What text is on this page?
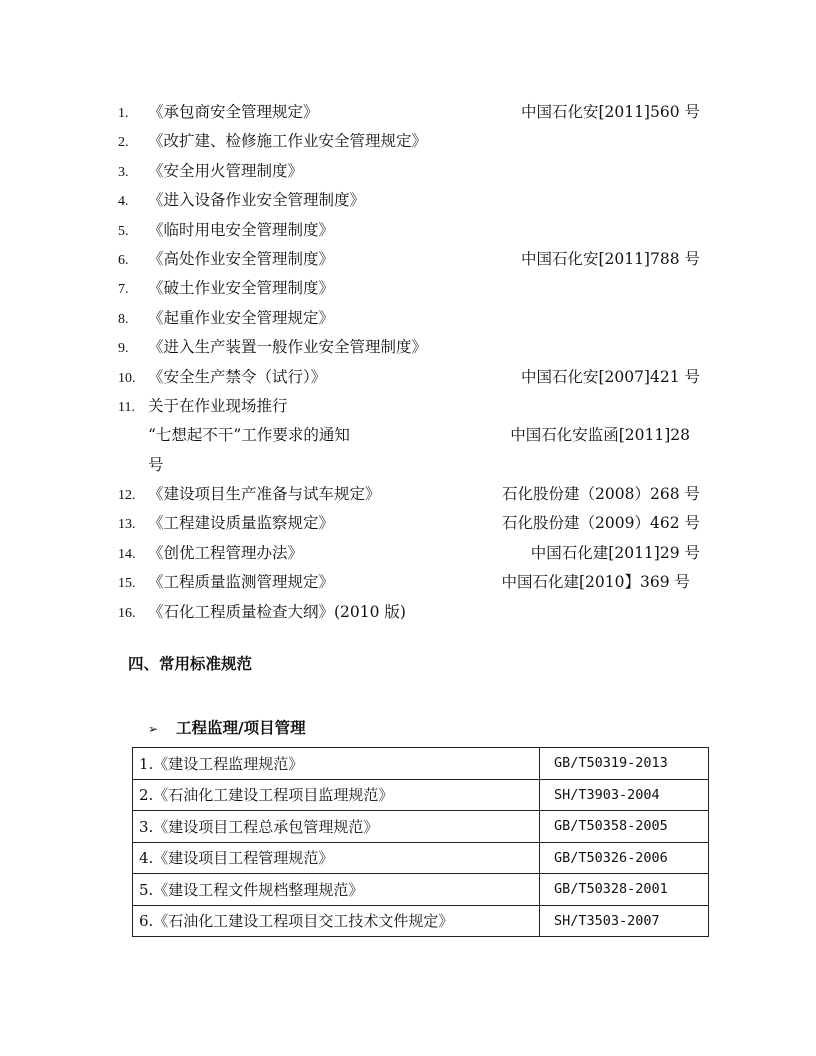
1. 《承包商安全管理规定》	中国石化安[2011]560 号
2. 《改扩建、检修施工作业安全管理规定》
3. 《安全用火管理制度》
4. 《进入设备作业安全管理制度》
5. 《临时用电安全管理制度》
6. 《高处作业安全管理制度》	中国石化安[2011]788 号
7. 《破土作业安全管理制度》
8. 《起重作业安全管理规定》
9. 《进入生产装置一般作业安全管理制度》
10. 《安全生产禁令（试行）》	中国石化安[2007]421 号
11. 关于在作业现场推行
“七想起不干”工作要求的通知	中国石化安监函[2011]28
号
12. 《建设项目生产准备与试车规定》	石化股份建（2008）268 号
13. 《工程建设质量监察规定》	石化股份建（2009）462 号
14. 《创优工程管理办法》	中国石化建[2011]29 号
15. 《工程质量监测管理规定》	中国石化建[2010】369 号
16. 《石化工程质量检查大纲》(2010 版)
四、常用标准规范
➢ 工程监理/项目管理
1.《建设工程监理规范》	GB/T50319-2013
2.《石油化工建设工程项目监理规范》	SH/T3903-2004
3.《建设项目工程总承包管理规范》	GB/T50358-2005
4.《建设项目工程管理规范》	GB/T50326-2006
5.《建设工程文件规档整理规范》	GB/T50328-2001
6.《石油化工建设工程项目交工技术文件规定》	SH/T3503-2007
